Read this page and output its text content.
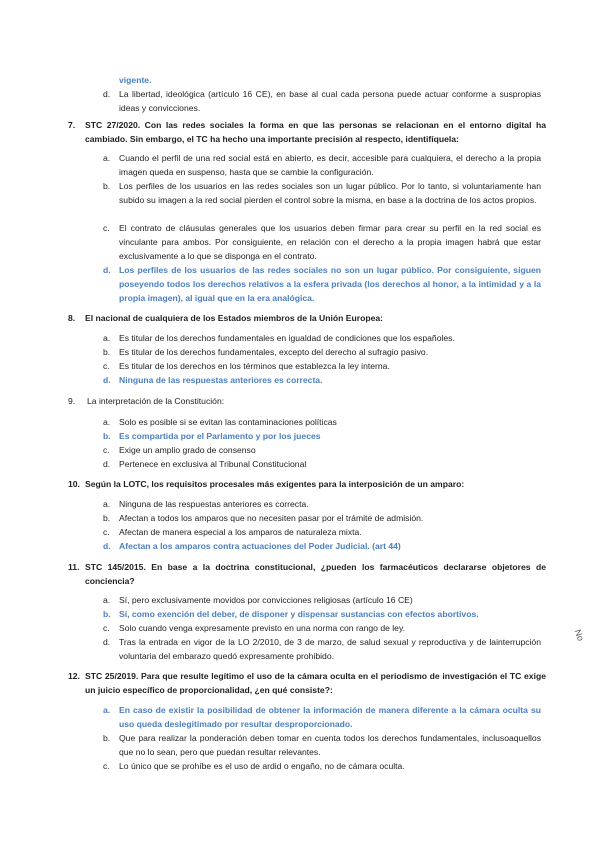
vigente.
d. La libertad, ideológica (artículo 16 CE), en base al cual cada persona puede actuar conforme a suspropias ideas y convicciones.
7. STC 27/2020. Con las redes sociales la forma en que las personas se relacionan en el entorno digital ha cambiado. Sin embargo, el TC ha hecho una importante precisión al respecto, identifíquela:
a. Cuando el perfil de una red social está en abierto, es decir, accesible para cualquiera, el derecho a la propia imagen queda en suspenso, hasta que se cambie la configuración.
b. Los perfiles de los usuarios en las redes sociales son un lugar público. Por lo tanto, si voluntariamente han subido su imagen a la red social pierden el control sobre la misma, en base a la doctrina de los actos propios.
c. El contrato de cláusulas generales que los usuarios deben firmar para crear su perfil en la red social es vinculante para ambos. Por consiguiente, en relación con el derecho a la propia imagen habrá que estar exclusivamente a lo que se disponga en el contrato.
d. Los perfiles de los usuarios de las redes sociales no son un lugar público. Por consiguiente, siguen poseyendo todos los derechos relativos a la esfera privada (los derechos al honor, a la intimidad y a la propia imagen), al igual que en la era analógica.
8. El nacional de cualquiera de los Estados miembros de la Unión Europea:
a. Es titular de los derechos fundamentales en igualdad de condiciones que los españoles.
b. Es titular de los derechos fundamentales, excepto del derecho al sufragio pasivo.
c. Es titular de los derechos en los términos que establezca la ley interna.
d. Ninguna de las respuestas anteriores es correcta.
9. La interpretación de la Constitución:
a. Solo es posible si se evitan las contaminaciones políticas
b. Es compartida por el Parlamento y por los jueces
c. Exige un amplio grado de consenso
d. Pertenece en exclusiva al Tribunal Constitucional
10. Según la LOTC, los requisitos procesales más exigentes para la interposición de un amparo:
a. Ninguna de las respuestas anteriores es correcta.
b. Afectan a todos los amparos que no necesiten pasar por el trámite de admisión.
c. Afectan de manera especial a los amparos de naturaleza mixta.
d. Afectan a los amparos contra actuaciones del Poder Judicial. (art 44)
11. STC 145/2015. En base a la doctrina constitucional, ¿pueden los farmacéuticos declararse objetores de conciencia?
a. Sí, pero exclusivamente movidos por convicciones religiosas (artículo 16 CE)
b. Sí, como exención del deber, de disponer y dispensar sustancias con efectos abortivos.
c. Solo cuando venga expresamente previsto en una norma con rango de ley.
d. Tras la entrada en vigor de la LO 2/2010, de 3 de marzo, de salud sexual y reproductiva y de lainterrupción voluntaria del embarazo quedó expresamente prohibido.
12. STC 25/2019. Para que resulte legítimo el uso de la cámara oculta en el periodismo de investigación el TC exige un juicio específico de proporcionalidad, ¿en qué consiste?:
a. En caso de existir la posibilidad de obtener la información de manera diferente a la cámara oculta su uso queda deslegitimado por resultar desproporcionado.
b. Que para realizar la ponderación deben tomar en cuenta todos los derechos fundamentales, inclusoaquellos que no lo sean, pero que puedan resultar relevantes.
c. Lo único que se prohíbe es el uso de ardid o engaño, no de cámara oculta.
No
